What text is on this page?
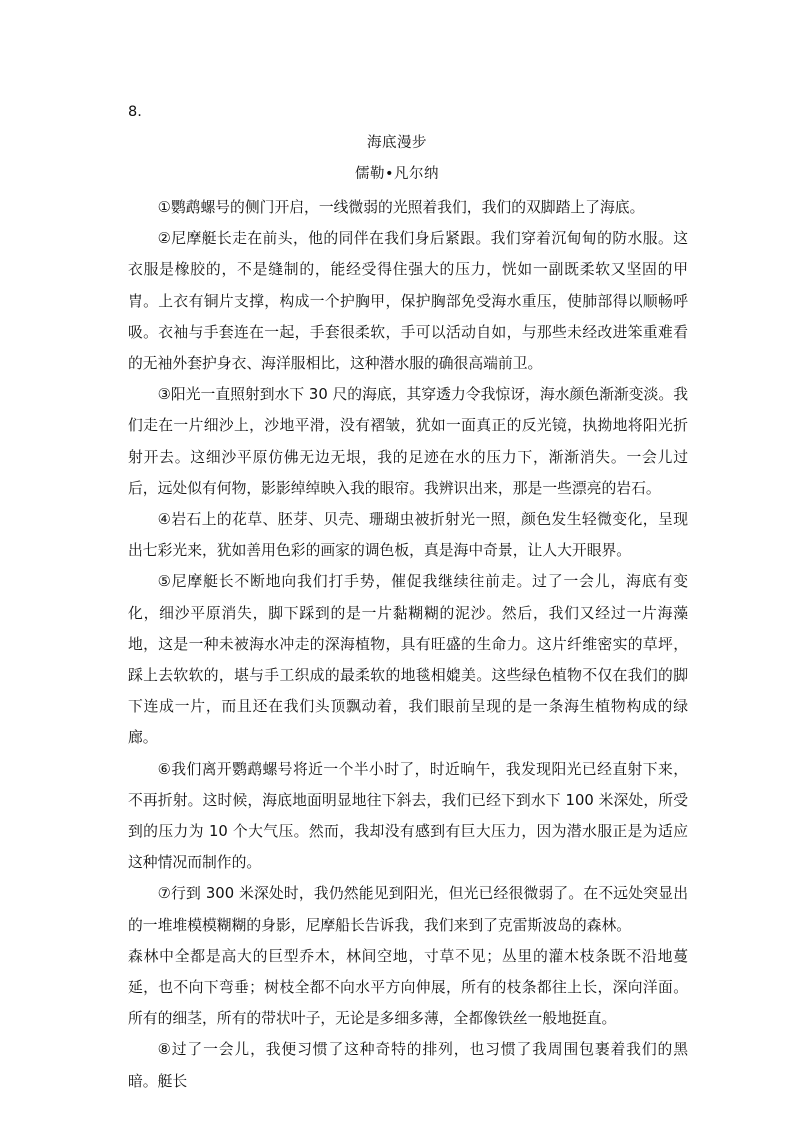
8.
海底漫步
儒勒•凡尔纳

①鹦鹉螺号的侧门开启，一线微弱的光照着我们，我们的双脚踏上了海底。

②尼摩艇长走在前头，他的同伴在我们身后紧跟。我们穿着沉甸甸的防水服。这衣服是橡胶的，不是缝制的，能经受得住强大的压力，恍如一副既柔软又坚固的甲胄。上衣有铜片支撑，构成一个护胸甲，保护胸部免受海水重压，使肺部得以顺畅呼吸。衣袖与手套连在一起，手套很柔软，手可以活动自如，与那些未经改进笨重难看的无袖外套护身衣、海洋服相比，这种潜水服的确很高端前卫。

③阳光一直照射到水下 30 尺的海底，其穿透力令我惊讶，海水颜色渐渐变淡。我们走在一片细沙上，沙地平滑，没有褶皱，犹如一面真正的反光镜，执拗地将阳光折射开去。这细沙平原仿佛无边无垠，我的足迹在水的压力下，渐渐消失。一会儿过后，远处似有何物，影影绰绰映入我的眼帘。我辨识出来，那是一些漂亮的岩石。

④岩石上的花草、胚芽、贝壳、珊瑚虫被折射光一照，颜色发生轻微变化，呈现出七彩光来，犹如善用色彩的画家的调色板，真是海中奇景，让人大开眼界。

⑤尼摩艇长不断地向我们打手势，催促我继续往前走。过了一会儿，海底有变化，细沙平原消失，脚下踩到的是一片黏糊糊的泥沙。然后，我们又经过一片海藻地，这是一种未被海水冲走的深海植物，具有旺盛的生命力。这片纤维密实的草坪，踩上去软软的，堪与手工织成的最柔软的地毯相媲美。这些绿色植物不仅在我们的脚下连成一片，而且还在我们头顶飘动着，我们眼前呈现的是一条海生植物构成的绿廊。

⑥我们离开鹦鹉螺号将近一个半小时了，时近晌午，我发现阳光已经直射下来，不再折射。这时候，海底地面明显地往下斜去，我们已经下到水下 100 米深处，所受到的压力为 10 个大气压。然而，我却没有感到有巨大压力，因为潜水服正是为适应这种情况而制作的。

⑦行到 300 米深处时，我仍然能见到阳光，但光已经很微弱了。在不远处突显出的一堆堆模模糊糊的身影，尼摩船长告诉我，我们来到了克雷斯波岛的森林。

森林中全都是高大的巨型乔木，林间空地，寸草不见；丛里的灌木枝条既不沿地蔓延，也不向下弯垂；树枝全都不向水平方向伸展，所有的枝条都往上长，深向洋面。所有的细茎，所有的带状叶子，无论是多细多薄，全都像铁丝一般地挺直。

⑧过了一会儿，我便习惯了这种奇特的排列，也习惯了我周围包裹着我们的黑暗。艇长
